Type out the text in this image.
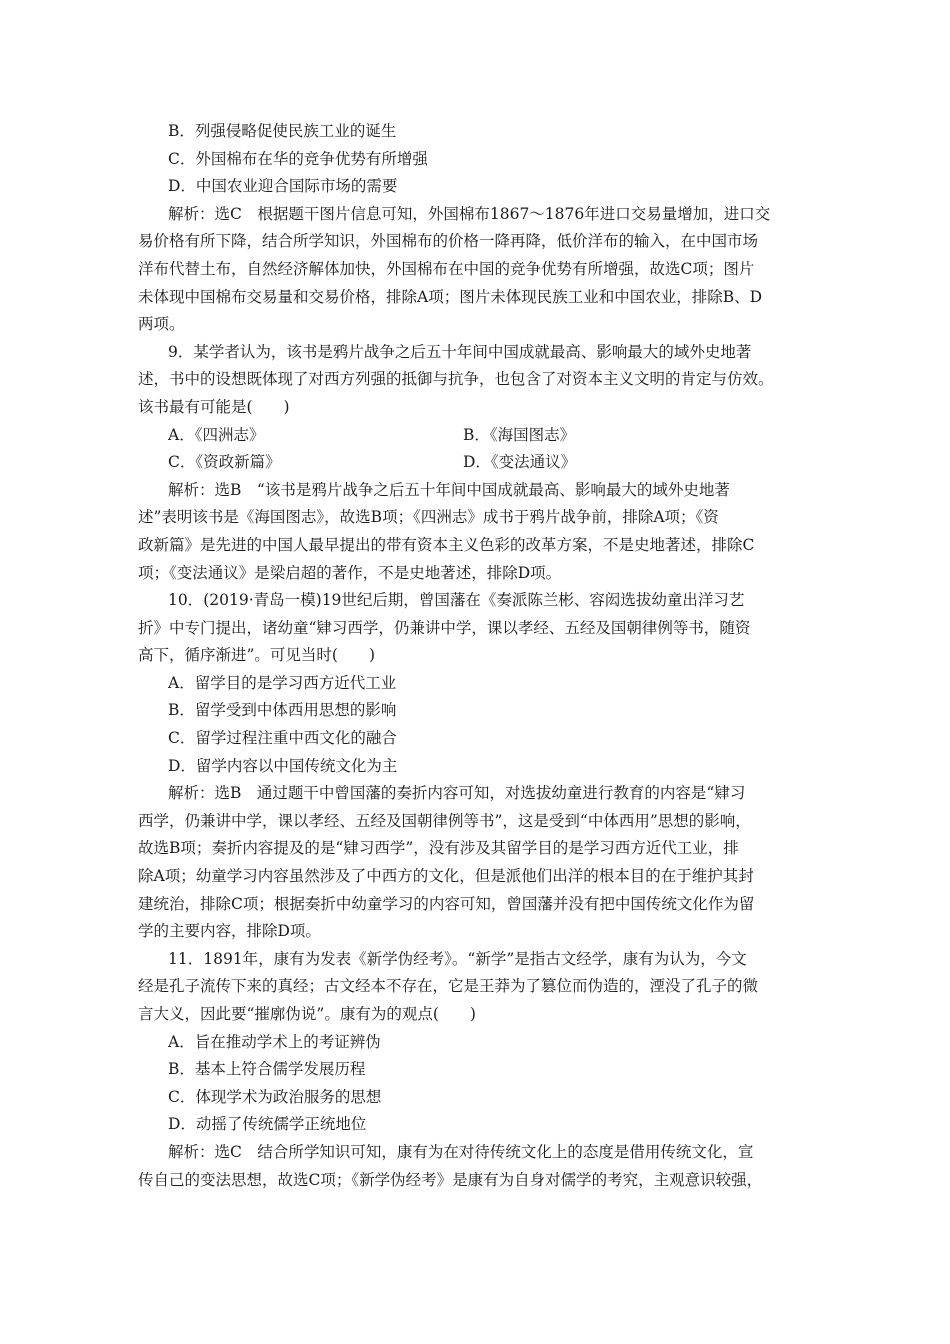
B．列强侵略促使民族工业的诞生
C．外国棉布在华的竞争优势有所增强
D．中国农业迎合国际市场的需要
解析：选C　根据题干图片信息可知，外国棉布1867～1876年进口交易量增加，进口交
易价格有所下降，结合所学知识，外国棉布的价格一降再降，低价洋布的输入，在中国市场
洋布代替土布，自然经济解体加快，外国棉布在中国的竞争优势有所增强，故选C项；图片
未体现中国棉布交易量和交易价格，排除A项；图片未体现民族工业和中国农业，排除B、D
两项。
9．某学者认为，该书是鸦片战争之后五十年间中国成就最高、影响最大的域外史地著
述，书中的设想既体现了对西方列强的抵御与抗争，也包含了对资本主义文明的肯定与仿效。
该书最有可能是(　　)
A．《四洲志》	B．《海国图志》
C．《资政新篇》	D．《变法通议》
解析：选B　“该书是鸦片战争之后五十年间中国成就最高、影响最大的域外史地著
述”表明该书是《海国图志》，故选B项；《四洲志》成书于鸦片战争前，排除A项；《资
政新篇》是先进的中国人最早提出的带有资本主义色彩的改革方案，不是史地著述，排除C
项；《变法通议》是梁启超的著作，不是史地著述，排除D项。
10．(2019·青岛一模)19世纪后期，曾国藩在《奏派陈兰彬、容闳选拔幼童出洋习艺
折》中专门提出，诸幼童“肄习西学，仍兼讲中学，课以孝经、五经及国朝律例等书，随资
高下，循序渐进”。可见当时(　　)
A．留学目的是学习西方近代工业
B．留学受到中体西用思想的影响
C．留学过程注重中西文化的融合
D．留学内容以中国传统文化为主
解析：选B　通过题干中曾国藩的奏折内容可知，对选拔幼童进行教育的内容是“肄习
西学，仍兼讲中学，课以孝经、五经及国朝律例等书”，这是受到“中体西用”思想的影响，
故选B项；奏折内容提及的是“肄习西学”，没有涉及其留学目的是学习西方近代工业，排
除A项；幼童学习内容虽然涉及了中西方的文化，但是派他们出洋的根本目的在于维护其封
建统治，排除C项；根据奏折中幼童学习的内容可知，曾国藩并没有把中国传统文化作为留
学的主要内容，排除D项。
11．1891年，康有为发表《新学伪经考》。“新学”是指古文经学，康有为认为，今文
经是孔子流传下来的真经；古文经本不存在，它是王莽为了篡位而伪造的，湮没了孔子的微
言大义，因此要“摧廓伪说”。康有为的观点(　　)
A．旨在推动学术上的考证辨伪
B．基本上符合儒学发展历程
C．体现学术为政治服务的思想
D．动摇了传统儒学正统地位
解析：选C　结合所学知识可知，康有为在对待传统文化上的态度是借用传统文化，宣
传自己的变法思想，故选C项；《新学伪经考》是康有为自身对儒学的考究，主观意识较强，
